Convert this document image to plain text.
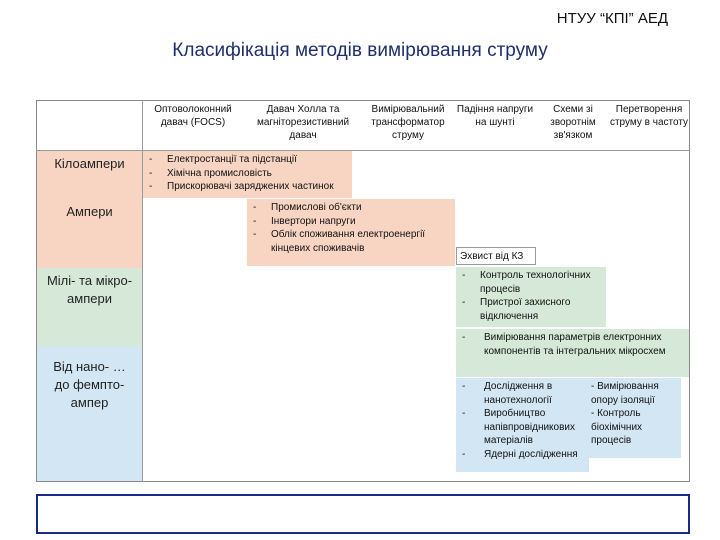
Класифікація методів вимірювання струму
Оптоволоконний давач (FOCS)
Давач Холла та магніторезистивний давач
Вимірювальний трансформатор струму
Падіння напруги на шунті
Схеми зі зворотнім зв'язком
Перетворення струму в частоту
Кілоампери
Ампери
Мілі- та мікро-ампери
Від нано- … до фемпто-ампер
- Електростанції та підстанції
- Хімічна промисловість
- Прискорювачі заряджених частинок
- Промислові об'єкти
- Інвертори напруги
- Облік споживання електроенергії кінцевих споживачів
Эхвист від КЗ
- Контроль технологічних процесів
- Пристрої захисного відключення
- Вимірювання параметрів електронних компонентів та інтегральних мікросхем
- Дослідження в нанотехнології
- Виробництво напівпровідникових матеріалів
- Ядерні дослідження
- Вимірювання опору ізоляції
- Контроль біохімічних процесів
НТУУ “КПІ” АЕД
